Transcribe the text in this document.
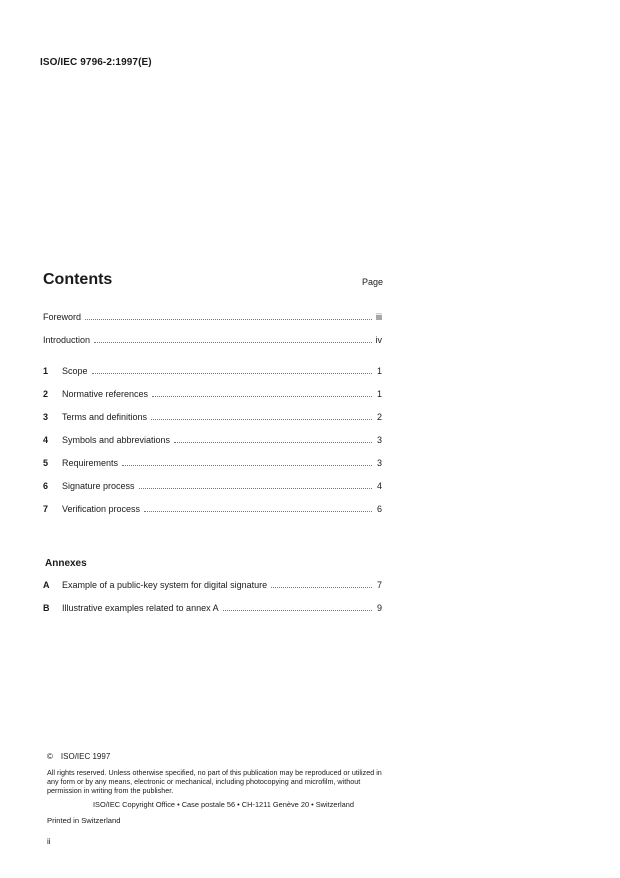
ISO/IEC 9796-2:1997(E)
Contents	Page
Foreword	iii
Introduction	iv
1	Scope	1
2	Normative references	1
3	Terms and definitions	2
4	Symbols and abbreviations	3
5	Requirements	3
6	Signature process	4
7	Verification process	6
Annexes
A	Example of a public-key system for digital signature	7
B	Illustrative examples related to annex A	9
© ISO/IEC 1997
All rights reserved. Unless otherwise specified, no part of this publication may be reproduced or utilized in any form or by any means, electronic or mechanical, including photocopying and microfilm, without permission in writing from the publisher.
ISO/IEC Copyright Office • Case postale 56 • CH-1211 Genève 20 • Switzerland
Printed in Switzerland
ii
